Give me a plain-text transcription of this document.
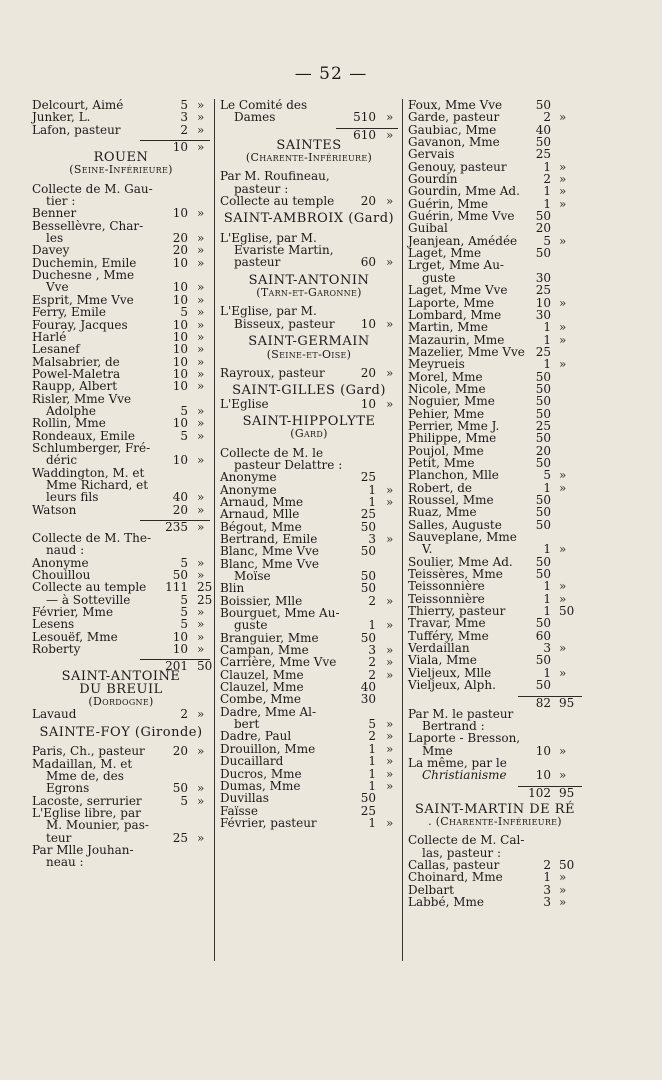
— 52 —
Delcourt, Aimé	5 »
Junker, L.	3 »
Lafon, pasteur	2 »
10 »
ROUEN
(Seine-Inférieure)
Collecte de M. Gau-
tier :
Benner	10 »
Bessellèvre, Char-
les	20 »
Davey	20 »
Duchemin, Emile	10 »
Duchesne , Mme
Vve	10 »
Esprit, Mme Vve	10 »
Ferry, Emile	5 »
Fouray, Jacques	10 »
Harlé	10 »
Lesanef	10 »
Malsabrier, de	10 »
Powel-Maletra	10 »
Raupp, Albert	10 »
Risler, Mme Vve
Adolphe	5 »
Rollin, Mme	10 »
Rondeaux, Emile	5 »
Schlumberger, Fré-
déric	10 »
Waddington, M. et
Mme Richard, et
leurs fils	40 »
Watson	20 »
235 »
Collecte de M. The-
naud :
Anonyme	5 »
Chouillou	50 »
Collecte au temple 111 25
— à Sotteville	5 25
Février, Mme	5 »
Lesens	5 »
Lesouëf, Mme	10 »
Roberty	10 »
201 50
SAINT-ANTOINE
DU BREUIL
(Dordogne)
Lavaud	2 »
SAINTE-FOY (Gironde)
Paris, Ch., pasteur 20 »
Madaillan, M. et
Mme de, des
Egrons	50 »
Lacoste, serrurier	5 »
L'Eglise libre, par
M. Mounier, pas-
teur	25 »
Par Mlle Jouhan-
neau :
Le Comité des
Dames	510 »
610 »
SAINTES
(Charente-Inférieure)
Par M. Roufineau,
pasteur :
Collecte au temple 20 »
SAINT-AMBROIX (Gard)
L'Eglise, par M.
Evariste Martin,
pasteur	60 »
SAINT-ANTONIN
(Tarn-et-Garonne)
L'Eglise, par M.
Bisseux, pasteur 10 »
SAINT-GERMAIN
(Seine-et-Oise)
Rayroux, pasteur	20 »
SAINT-GILLES (Gard)
L'Eglise	10 »
SAINT-HIPPOLYTE
(Gard)
Collecte de M. le
pasteur Delattre :
Anonyme	25
Anonyme	1 »
Arnaud, Mme	1 »
Arnaud, Mlle	25
Bégout, Mme	50
Bertrand, Emile	3 »
Blanc, Mme Vve	50
Blanc, Mme Vve
Moïse	50
Blin	50
Boissier, Mlle	2 »
Bourguet, Mme Au-
guste	1 »
Branguier, Mme	50
Campan, Mme	3 »
Carrière, Mme Vve	2 »
Clauzel, Mme	2 »
Clauzel, Mme	40
Combe, Mme	30
Dadre, Mme Al-
bert	5 »
Dadre, Paul	2 »
Drouillon, Mme	1 »
Ducaillard	1 »
Ducros, Mme	1 »
Dumas, Mme	1 »
Duvillas	50
Faïsse	25
Février, pasteur	1 »
Foux, Mme Vve	50
Garde, pasteur	2 »
Gaubiac, Mme	40
Gavanon, Mme	50
Gervais	25
Genouy, pasteur	1 »
Gourdin	2 »
Gourdin, Mme Ad. 1 »
Guérin, Mme	1 »
Guérin, Mme Vve 50
Guibal	20
Jeanjean, Amédée 5 »
Laget, Mme	50
Lrget, Mme Au-
guste	30
Laget, Mme Vve 25
Laporte, Mme	10 »
Lombard, Mme	30
Martin, Mme	1 »
Mazaurin, Mme	1 »
Mazelier, Mme Vve 25
Meyrueis	1 »
Morel, Mme	50
Nicole, Mme	50
Noguier, Mme	50
Pehier, Mme	50
Perrier, Mme J.	25
Philippe, Mme	50
Poujol, Mme	20
Petit, Mme	50
Planchon, Mlle	5 »
Robert, de	1 »
Roussel, Mme	50
Ruaz, Mme	50
Salles, Auguste	50
Sauveplane, Mme
V.	1 »
Soulier, Mme Ad. 50
Teissères, Mme	50
Teissonnière	1 »
Teissonnière	1 »
Thierry, pasteur	1 50
Travar, Mme	50
Tufféry, Mme	60
Verdaillan	3 »
Viala, Mme	50
Vieljeux, Mlle	1 »
Vieljeux, Alph.	50
82 95
Par M. le pasteur
Bertrand :
Laporte - Bresson,
Mme	10 »
La même, par le
Christianisme 10 »
102 95
SAINT-MARTIN DE RÉ
. (Charente-Inférieure)
Collecte de M. Cal-
las, pasteur :
Callas, pasteur	2 50
Choinard, Mme	1 »
Delbart	3 »
Labbé, Mme	3 »
